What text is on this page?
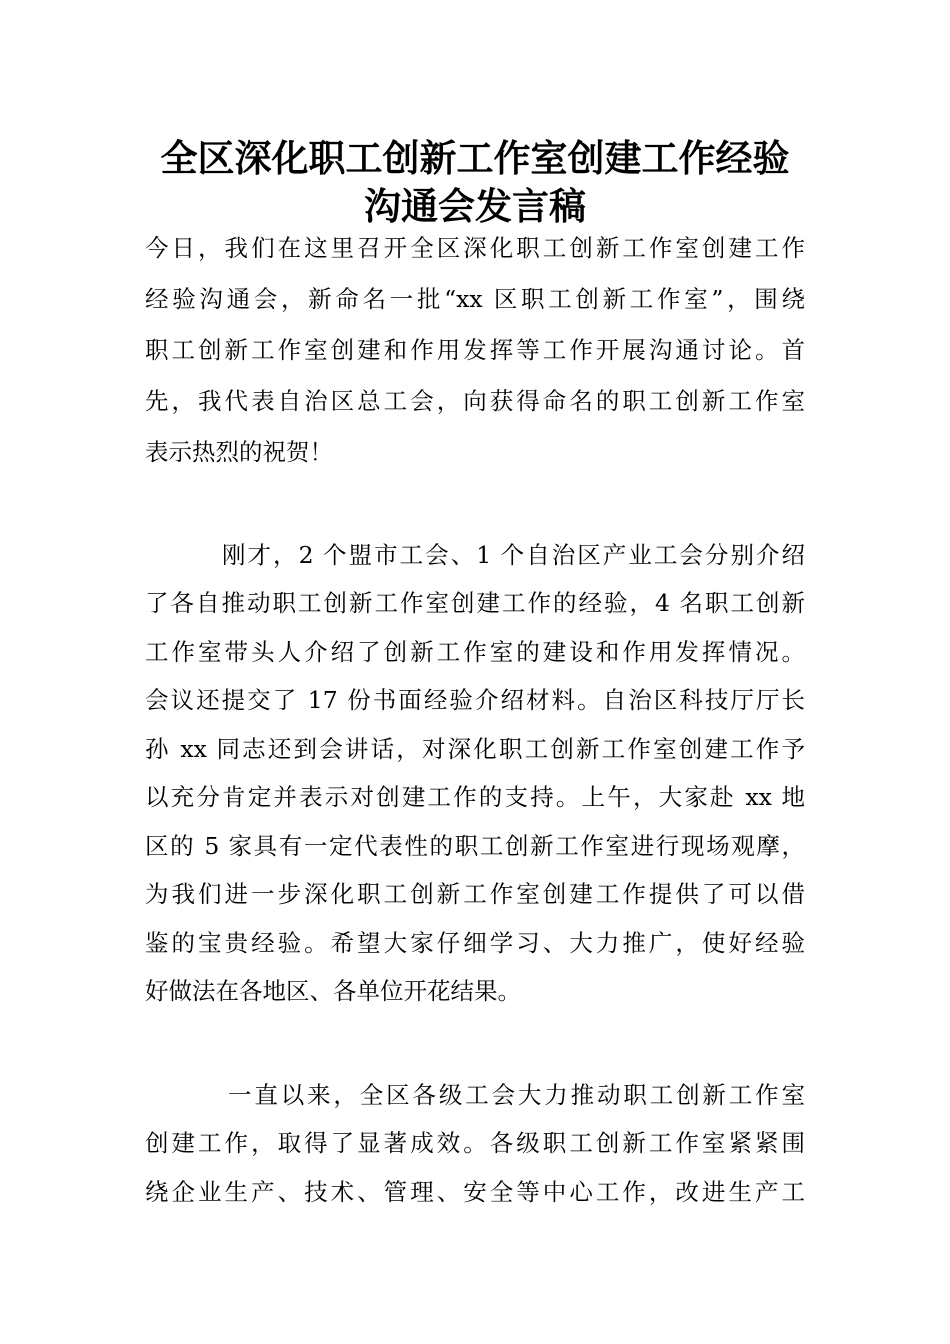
全区深化职工创新工作室创建工作经验
沟通会发言稿
今日，我们在这里召开全区深化职工创新工作室创建工作
经验沟通会，新命名一批“xx 区职工创新工作室”，围绕
职工创新工作室创建和作用发挥等工作开展沟通讨论。首
先，我代表自治区总工会，向获得命名的职工创新工作室
表示热烈的祝贺！
刚才，2 个盟市工会、1 个自治区产业工会分别介绍
了各自推动职工创新工作室创建工作的经验，4 名职工创新
工作室带头人介绍了创新工作室的建设和作用发挥情况。
会议还提交了 17 份书面经验介绍材料。自治区科技厅厅长
孙 xx 同志还到会讲话，对深化职工创新工作室创建工作予
以充分肯定并表示对创建工作的支持。上午，大家赴 xx 地
区的 5 家具有一定代表性的职工创新工作室进行现场观摩，
为我们进一步深化职工创新工作室创建工作提供了可以借
鉴的宝贵经验。希望大家仔细学习、大力推广，使好经验
好做法在各地区、各单位开花结果。
一直以来，全区各级工会大力推动职工创新工作室
创建工作，取得了显著成效。各级职工创新工作室紧紧围
绕企业生产、技术、管理、安全等中心工作，改进生产工
